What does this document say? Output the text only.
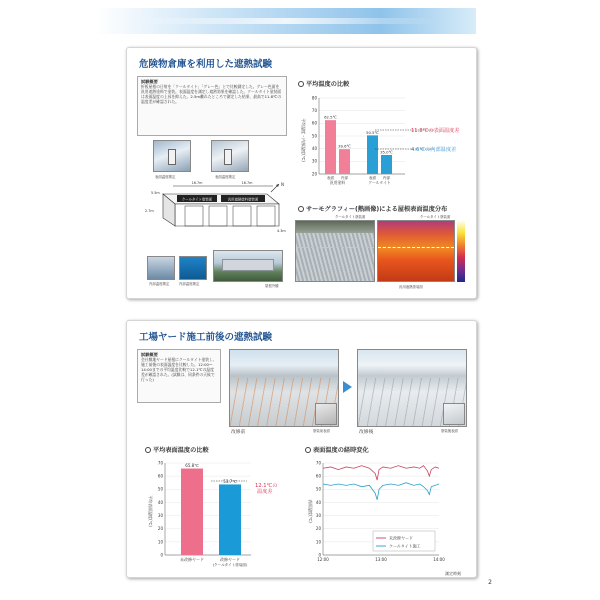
危険物倉庫を利用した遮熱試験
試験概要
折板屋根の日射を「クールタイト」「グレー色」とで比較測定した。グレー色面を汎用遮熱塗料で塗装。表面温度を測定し遮熱効果を確認した。クールタイト塗装面は表面温度の上昇を抑えた。2.5m離れたところで測定した結果、最高で11.8℃の温度差が確認された。
表面温度測定	表面温度測定
クールタイト塗装面	汎用遮熱塗料塗装面
16.7m	16.7m
5.5m
2.7m
4.3m
N
内部温度測定	内部温度測定	屋根外観
平均温度の比較
平均温度・内部温度(℃)
80
70
60
50
40
30
20
62.5℃
表面
39.6℃
内部
汎用塗料
50.5℃
表面
35.0℃
内部
クールタイト
11.8℃の表面温度差
4.6℃の内部温度差
サーモグラフィー(熱画像)による屋根表面温度分布
クールタイト塗装面	クールタイト塗装面
汎用遮熱塗装面
工場ヤード施工前後の遮熱試験
試験概要
会社敷地ヤード屋根にクールタイト塗装し、施工前後の表面温度を比較した。12:00〜14:00までの平均温度比較で12.1℃の温度差が確認された。(試験は、同条件の天候で行った)
塗装前表面	塗装後表面
改修前	改修後
平均表面温度の比較	表面温度の経時変化
平均表面温度(℃)
70
60
50
40
30
20
10
0
65.8℃
53.7℃
未改修ヤード	改修ヤード
(クールタイト塗装面)
12.1℃の
温度差
表面温度(℃)
70
60
50
40
30
20
10
0
12:00	13:00	14:00
未改修ヤード
クールタイト施工
測定時刻
2
